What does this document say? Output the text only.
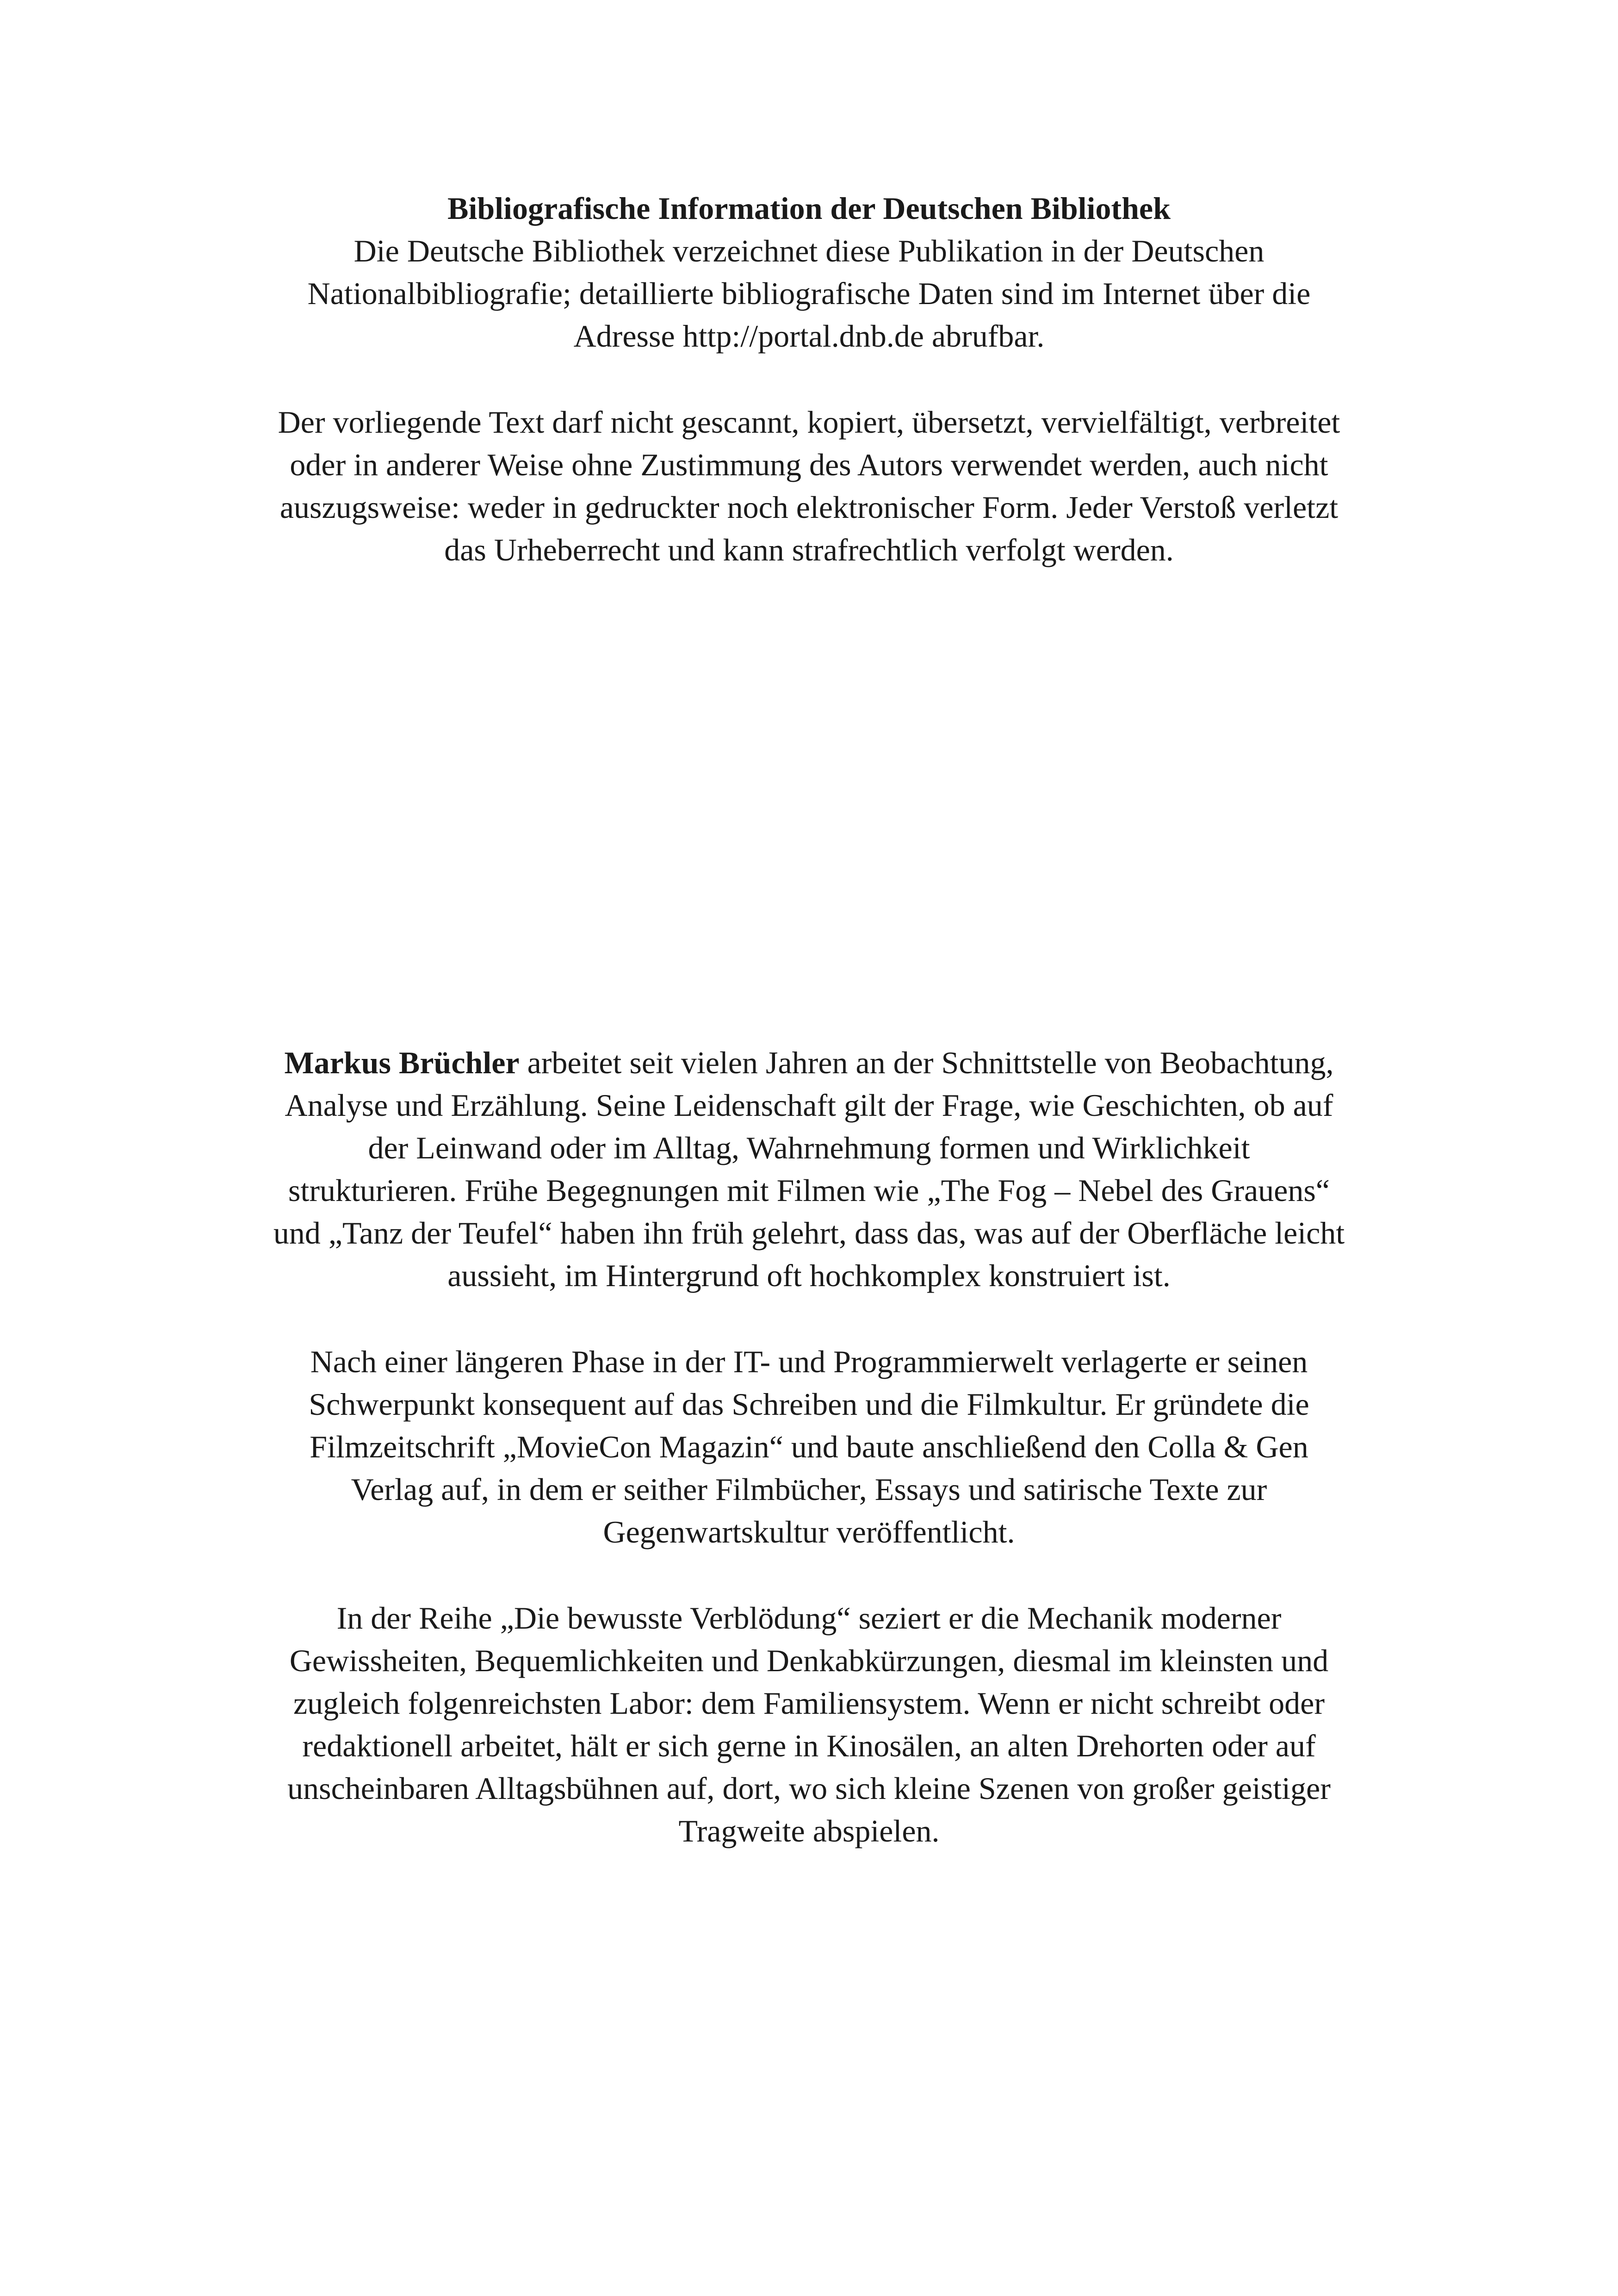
Bibliografische Information der Deutschen Bibliothek
Die Deutsche Bibliothek verzeichnet diese Publikation in der Deutschen
Nationalbibliografie; detaillierte bibliografische Daten sind im Internet über die
Adresse http://portal.dnb.de abrufbar.
Der vorliegende Text darf nicht gescannt, kopiert, übersetzt, vervielfältigt, verbreitet
oder in anderer Weise ohne Zustimmung des Autors verwendet werden, auch nicht
auszugsweise: weder in gedruckter noch elektronischer Form. Jeder Verstoß verletzt
das Urheberrecht und kann strafrechtlich verfolgt werden.
Markus Brüchler arbeitet seit vielen Jahren an der Schnittstelle von Beobachtung,
Analyse und Erzählung. Seine Leidenschaft gilt der Frage, wie Geschichten, ob auf
der Leinwand oder im Alltag, Wahrnehmung formen und Wirklichkeit
strukturieren. Frühe Begegnungen mit Filmen wie „The Fog – Nebel des Grauens“
und „Tanz der Teufel“ haben ihn früh gelehrt, dass das, was auf der Oberfläche leicht
aussieht, im Hintergrund oft hochkomplex konstruiert ist.
Nach einer längeren Phase in der IT- und Programmierwelt verlagerte er seinen
Schwerpunkt konsequent auf das Schreiben und die Filmkultur. Er gründete die
Filmzeitschrift „MovieCon Magazin“ und baute anschließend den Colla & Gen
Verlag auf, in dem er seither Filmbücher, Essays und satirische Texte zur
Gegenwartskultur veröffentlicht.
In der Reihe „Die bewusste Verblödung“ seziert er die Mechanik moderner
Gewissheiten, Bequemlichkeiten und Denkabkürzungen, diesmal im kleinsten und
zugleich folgenreichsten Labor: dem Familiensystem. Wenn er nicht schreibt oder
redaktionell arbeitet, hält er sich gerne in Kinosälen, an alten Drehorten oder auf
unscheinbaren Alltagsbühnen auf, dort, wo sich kleine Szenen von großer geistiger
Tragweite abspielen.
